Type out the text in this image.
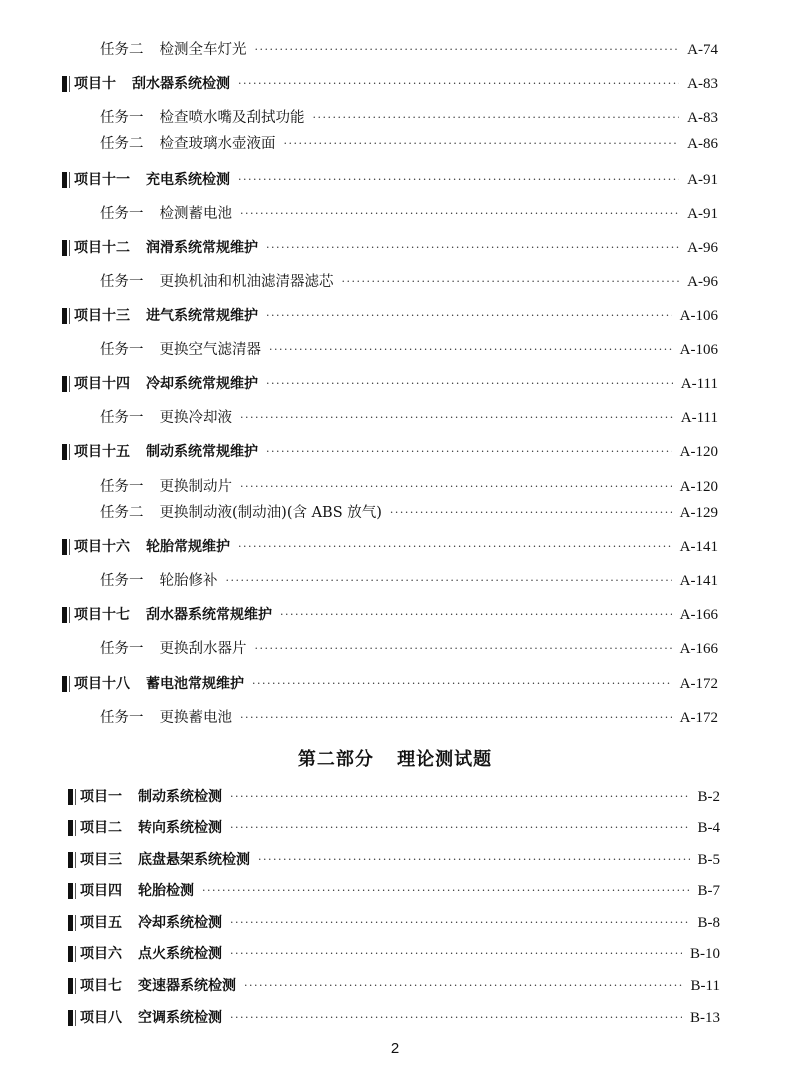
任务二 检测全车灯光 ·····	A-74
项目十 刮水器系统检测 ·····	A-83
任务一 检查喷水嘴及刮拭功能 ·····	A-83
任务二 检查玻璃水壶液面 ·····	A-86
项目十一 充电系统检测 ·····	A-91
任务一 检测蓄电池 ·····	A-91
项目十二 润滑系统常规维护 ·····	A-96
任务一 更换机油和机油滤清器滤芯 ·····	A-96
项目十三 进气系统常规维护 ·····	A-106
任务一 更换空气滤清器 ·····	A-106
项目十四 冷却系统常规维护 ·····	A-111
任务一 更换冷却液 ·····	A-111
项目十五 制动系统常规维护 ·····	A-120
任务一 更换制动片 ·····	A-120
任务二 更换制动液(制动油)(含 ABS 放气) ·····	A-129
项目十六 轮胎常规维护 ·····	A-141
任务一 轮胎修补 ·····	A-141
项目十七 刮水器系统常规维护 ·····	A-166
任务一 更换刮水器片 ·····	A-166
项目十八 蓄电池常规维护 ·····	A-172
任务一 更换蓄电池 ·····	A-172
第二部分 理论测试题
项目一 制动系统检测 ·····	B-2
项目二 转向系统检测 ·····	B-4
项目三 底盘悬架系统检测 ·····	B-5
项目四 轮胎检测 ·····	B-7
项目五 冷却系统检测 ·····	B-8
项目六 点火系统检测 ·····	B-10
项目七 变速器系统检测 ·····	B-11
项目八 空调系统检测 ·····	B-13
2
